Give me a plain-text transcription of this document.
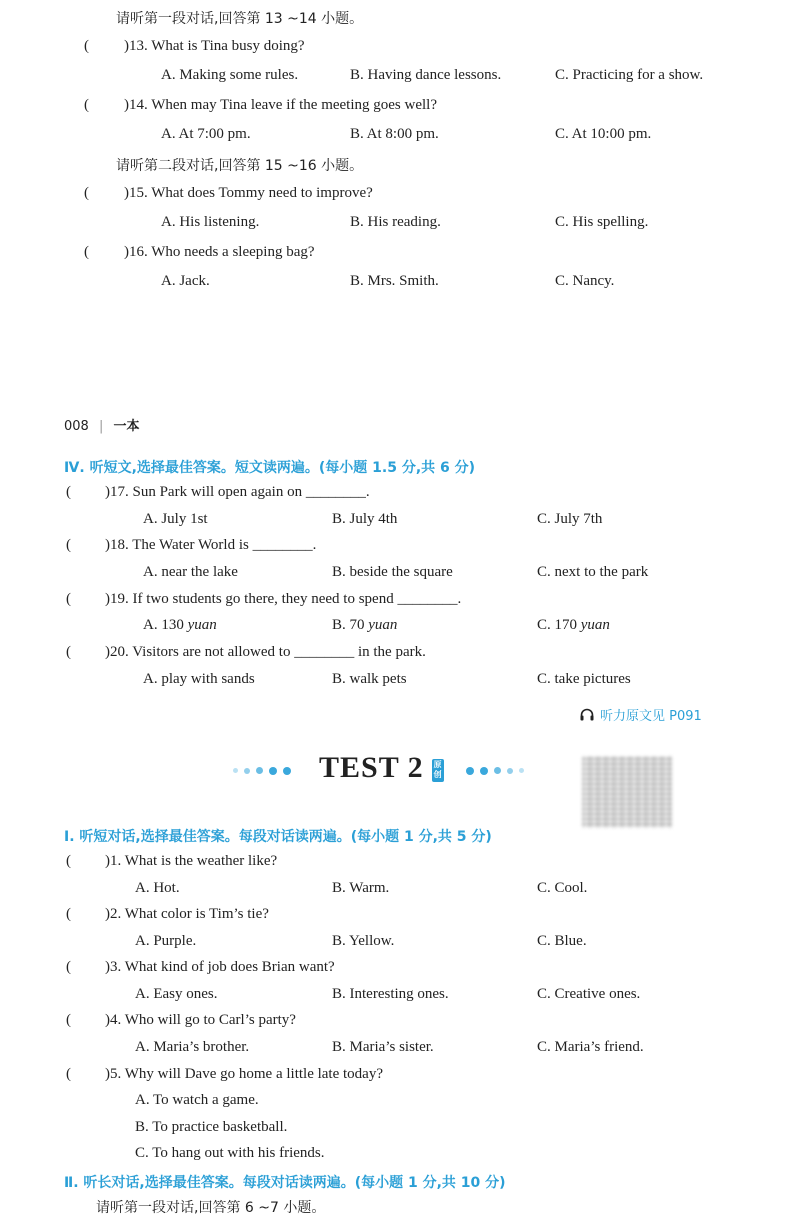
请听第一段对话,回答第 13 ~14 小题。
( )13. What is Tina busy doing?
A. Making some rules.	B. Having dance lessons.	C. Practicing for a show.
( )14. When may Tina leave if the meeting goes well?
A. At 7:00 pm.	B. At 8:00 pm.	C. At 10:00 pm.
请听第二段对话,回答第 15 ~16 小题。
( )15. What does Tommy need to improve?
A. His listening.	B. His reading.	C. His spelling.
( )16. Who needs a sleeping bag?
A. Jack.	B. Mrs. Smith.	C. Nancy.
008 | 一本
Ⅳ. 听短文,选择最佳答案。短文读两遍。(每小题 1.5 分,共 6 分)
( )17. Sun Park will open again on ________.
A. July 1st	B. July 4th	C. July 7th
( )18. The Water World is ________.
A. near the lake	B. beside the square	C. next to the park
( )19. If two students go there, they need to spend ________.
A. 130 yuan	B. 70 yuan	C. 170 yuan
( )20. Visitors are not allowed to ________ in the park.
A. play with sands	B. walk pets	C. take pictures
听力原文见 P091
TEST 2 原创
Ⅰ. 听短对话,选择最佳答案。每段对话读两遍。(每小题 1 分,共 5 分)
( )1. What is the weather like?
A. Hot.	B. Warm.	C. Cool.
( )2. What color is Tim’s tie?
A. Purple.	B. Yellow.	C. Blue.
( )3. What kind of job does Brian want?
A. Easy ones.	B. Interesting ones.	C. Creative ones.
( )4. Who will go to Carl’s party?
A. Maria’s brother.	B. Maria’s sister.	C. Maria’s friend.
( )5. Why will Dave go home a little late today?
A. To watch a game.
B. To practice basketball.
C. To hang out with his friends.
Ⅱ. 听长对话,选择最佳答案。每段对话读两遍。(每小题 1 分,共 10 分)
请听第一段对话,回答第 6 ~7 小题。
